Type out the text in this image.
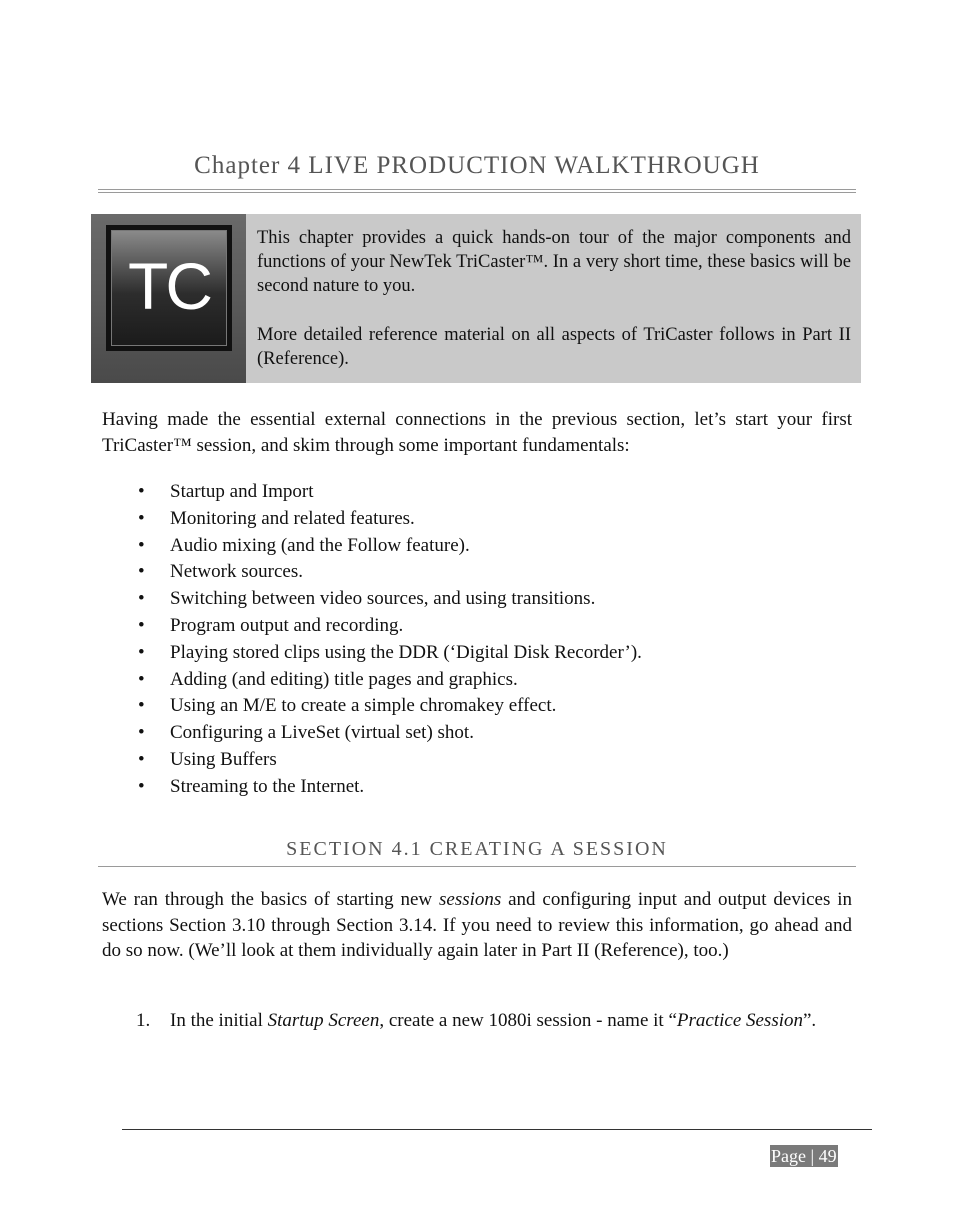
Chapter 4 LIVE PRODUCTION WALKTHROUGH
TC

This chapter provides a quick hands-on tour of the major components and functions of your NewTek TriCaster™. In a very short time, these basics will be second nature to you.

More detailed reference material on all aspects of TriCaster follows in Part II (Reference).

Having made the essential external connections in the previous section, let’s start your first TriCaster™ session, and skim through some important fundamentals:

• Startup and Import
• Monitoring and related features.
• Audio mixing (and the Follow feature).
• Network sources.
• Switching between video sources, and using transitions.
• Program output and recording.
• Playing stored clips using the DDR (‘Digital Disk Recorder’).
• Adding (and editing) title pages and graphics.
• Using an M/E to create a simple chromakey effect.
• Configuring a LiveSet (virtual set) shot.
• Using Buffers
• Streaming to the Internet.
SECTION 4.1 CREATING A SESSION

We ran through the basics of starting new sessions and configuring input and output devices in sections Section 3.10 through Section 3.14. If you need to review this information, go ahead and do so now. (We’ll look at them individually again later in Part II (Reference), too.)

1. In the initial Startup Screen, create a new 1080i session - name it “Practice Session”.
Page | 49
